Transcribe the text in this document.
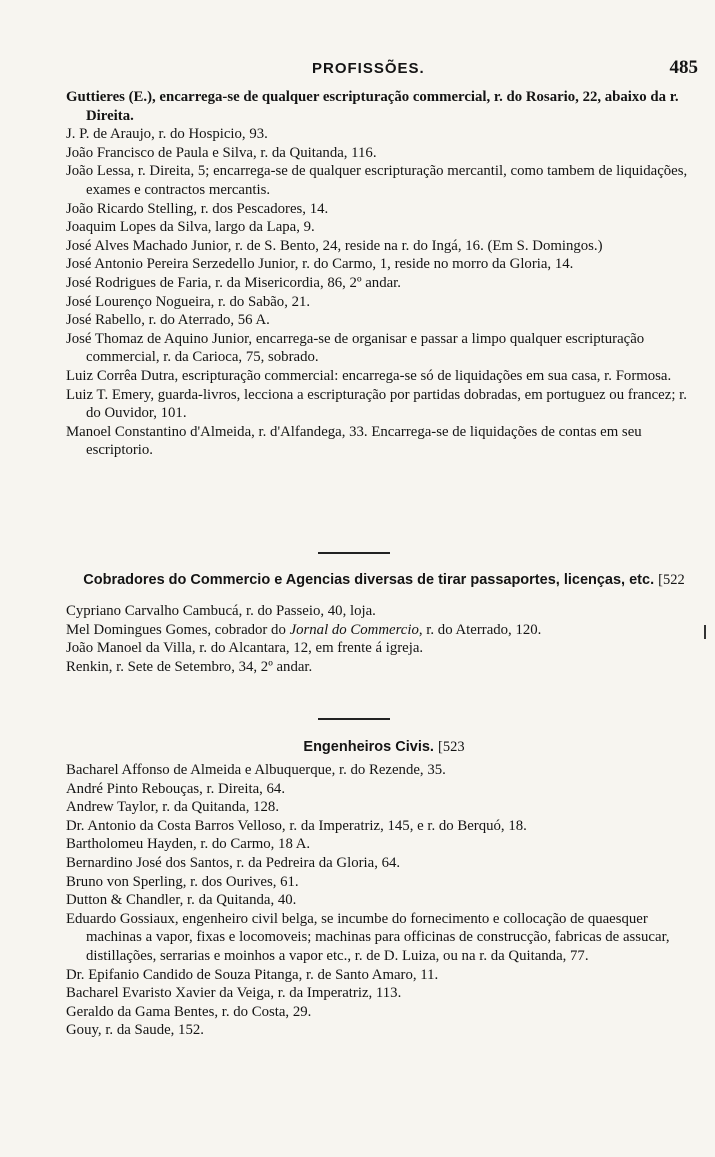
PROFISSÕES.	485
Guttieres (E.), encarrega-se de qualquer escripturação commercial, r. do Rosario, 22, abaixo da r. Direita.
J. P. de Araujo, r. do Hospicio, 93.
João Francisco de Paula e Silva, r. da Quitanda, 116.
João Lessa, r. Direita, 5; encarrega-se de qualquer escripturação mercantil, como tambem de liquidações, exames e contractos mercantis.
João Ricardo Stelling, r. dos Pescadores, 14.
Joaquim Lopes da Silva, largo da Lapa, 9.
José Alves Machado Junior, r. de S. Bento, 24, reside na r. do Ingá, 16. (Em S. Domingos.)
José Antonio Pereira Serzedello Junior, r. do Carmo, 1, reside no morro da Gloria, 14.
José Rodrigues de Faria, r. da Misericordia, 86, 2º andar.
José Lourenço Nogueira, r. do Sabão, 21.
José Rabello, r. do Aterrado, 56 A.
José Thomaz de Aquino Junior, encarrega-se de organisar e passar a limpo qualquer escripturação commercial, r. da Carioca, 75, sobrado.
Luiz Corrêa Dutra, escripturação commercial: encarrega-se só de liquidações em sua casa, r. Formosa.
Luiz T. Emery, guarda-livros, lecciona a escripturação por partidas dobradas, em portuguez ou francez; r. do Ouvidor, 101.
Manoel Constantino d'Almeida, r. d'Alfandega, 33. Encarrega-se de liquidações de contas em seu escriptorio.
Cobradores do Commercio e Agencias diversas de tirar passaportes, licenças, etc. [522
Cypriano Carvalho Cambucá, r. do Passeio, 40, loja.
Mel Domingues Gomes, cobrador do Jornal do Commercio, r. do Aterrado, 120.
João Manoel da Villa, r. do Alcantara, 12, em frente á igreja.
Renkin, r. Sete de Setembro, 34, 2º andar.
Engenheiros Civis. [523
Bacharel Affonso de Almeida e Albuquerque, r. do Rezende, 35.
André Pinto Rebouças, r. Direita, 64.
Andrew Taylor, r. da Quitanda, 128.
Dr. Antonio da Costa Barros Velloso, r. da Imperatriz, 145, e r. do Berquó, 18.
Bartholomeu Hayden, r. do Carmo, 18 A.
Bernardino José dos Santos, r. da Pedreira da Gloria, 64.
Bruno von Sperling, r. dos Ourives, 61.
Dutton & Chandler, r. da Quitanda, 40.
Eduardo Gossiaux, engenheiro civil belga, se incumbe do fornecimento e collocação de quaesquer machinas a vapor, fixas e locomoveis; machinas para officinas de construcção, fabricas de assucar, distillações, serrarias e moinhos a vapor etc., r. de D. Luiza, ou na r. da Quitanda, 77.
Dr. Epifanio Candido de Souza Pitanga, r. de Santo Amaro, 11.
Bacharel Evaristo Xavier da Veiga, r. da Imperatriz, 113.
Geraldo da Gama Bentes, r. do Costa, 29.
Gouy, r. da Saude, 152.
